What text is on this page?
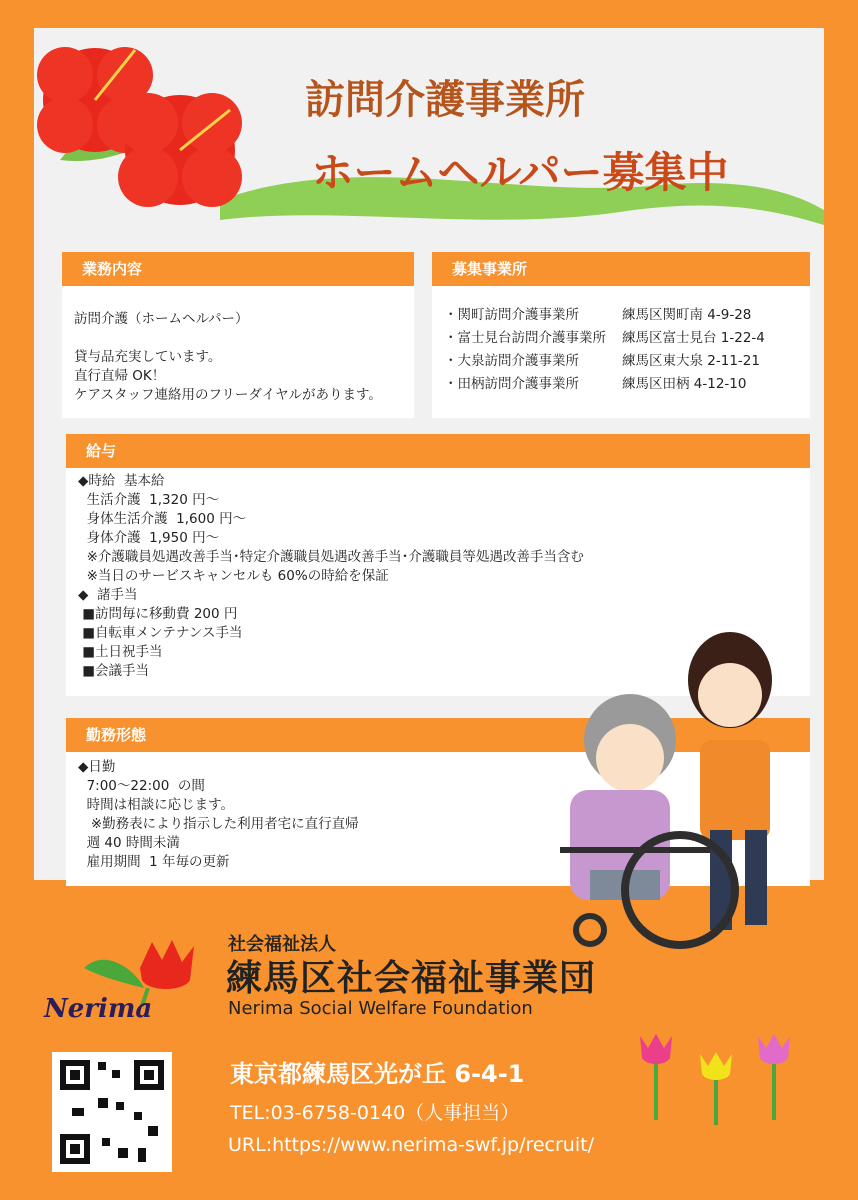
訪問介護事業所
ホームヘルパー募集中
業務内容
訪問介護（ホームヘルパー）
貸与品充実しています。
直行直帰 OK！
ケアスタッフ連絡用のフリーダイヤルがあります。
募集事業所
・関町訪問介護事業所	練馬区関町南 4-9-28
・富士見台訪問介護事業所	練馬区富士見台 1-22-4
・大泉訪問介護事業所	練馬区東大泉 2-11-21
・田柄訪問介護事業所	練馬区田柄 4-12-10
給与
◆時給  基本給
生活介護  1,320 円～
身体生活介護  1,600 円～
身体介護  1,950 円～
※介護職員処遇改善手当･特定介護職員処遇改善手当･介護職員等処遇改善手当含む
※当日のサービスキャンセルも 60%の時給を保証
◆  諸手当
■訪問毎に移動費 200 円
■自転車メンテナンス手当
■土日祝手当
■会議手当
勤務形態
◆日勤
7:00～22:00  の間
時間は相談に応じます。
※勤務表により指示した利用者宅に直行直帰
週 40 時間未満
雇用期間  1 年毎の更新
Nerima
社会福祉法人
練馬区社会福祉事業団
Nerima Social Welfare Foundation
東京都練馬区光が丘 6-4-1
TEL:03-6758-0140（人事担当）
URL:https://www.nerima-swf.jp/recruit/
